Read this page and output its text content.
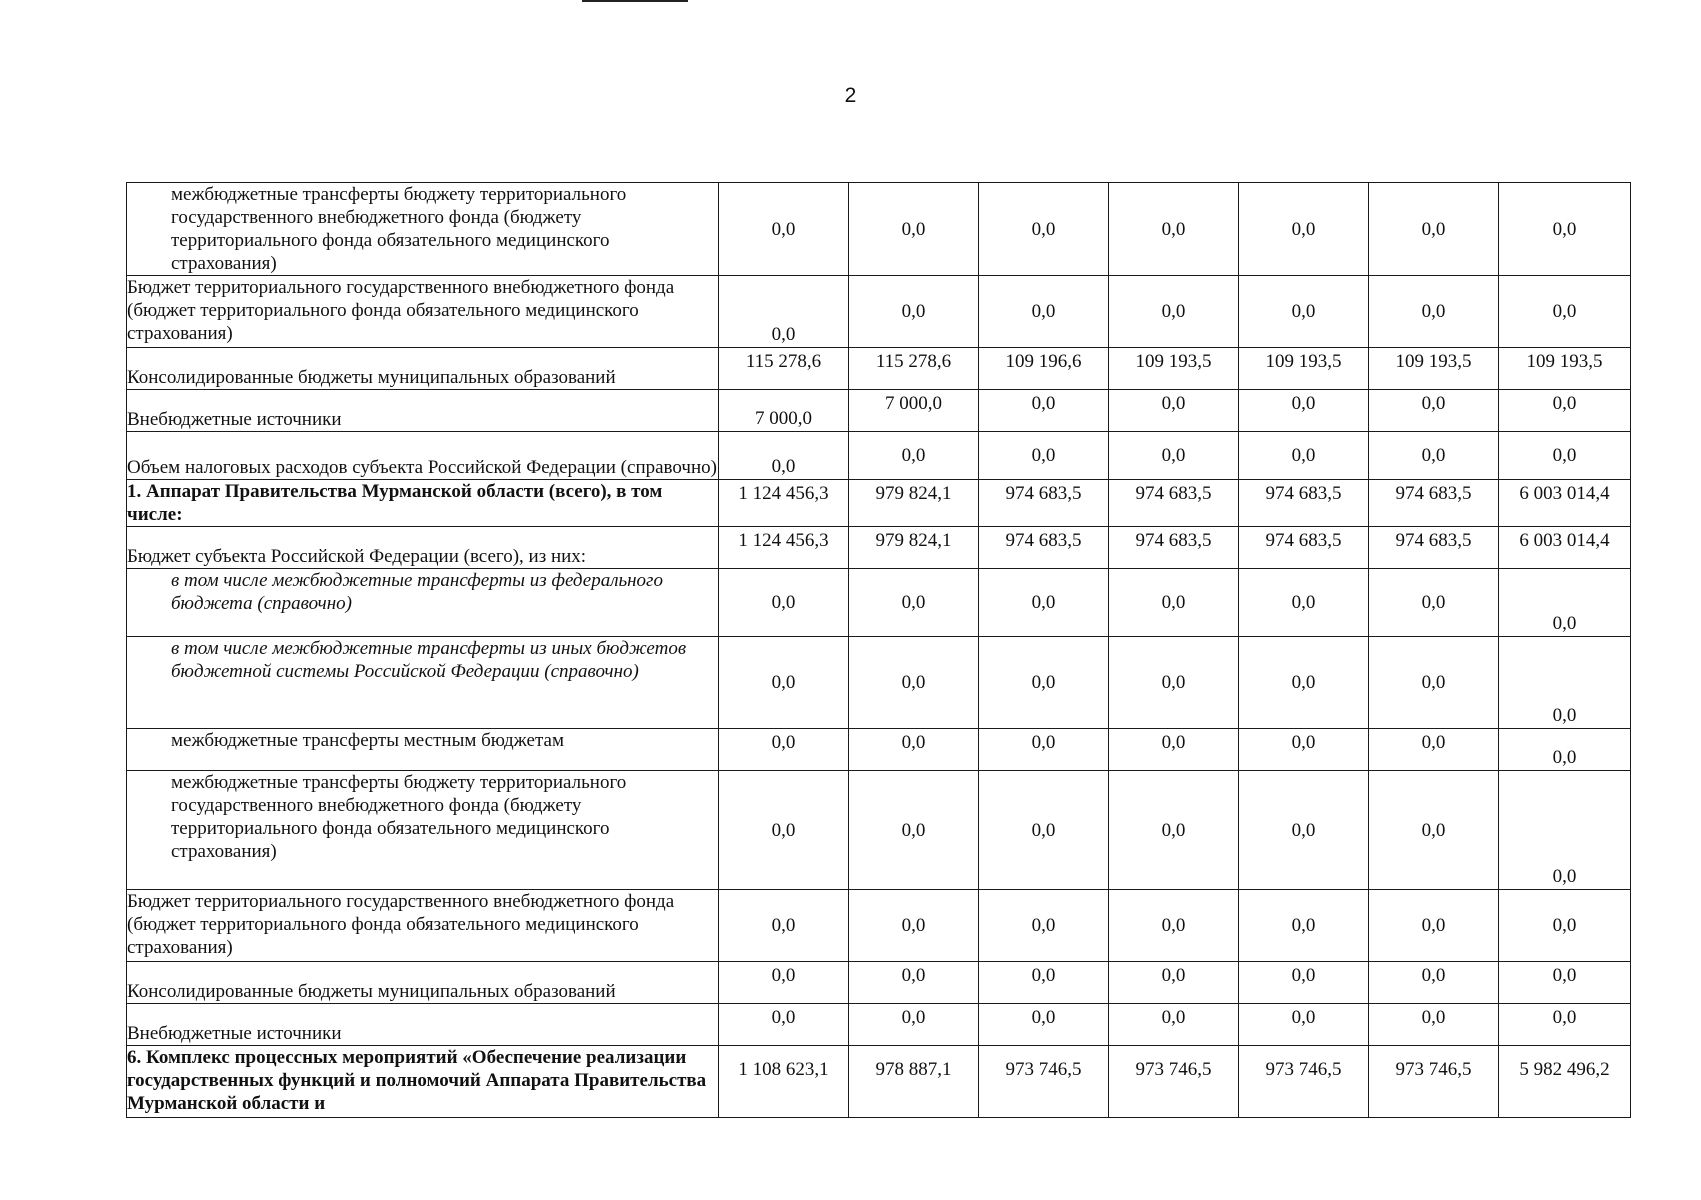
2
межбюджетные трансферты бюджету территориального государственного внебюджетного фонда (бюджету территориального фонда обязательного медицинского страхования)	0,0	0,0	0,0	0,0	0,0	0,0	0,0
Бюджет территориального государственного внебюджетного фонда (бюджет территориального фонда обязательного медицинского страхования)	0,0	0,0	0,0	0,0	0,0	0,0	0,0
Консолидированные бюджеты муниципальных образований	115 278,6	115 278,6	109 196,6	109 193,5	109 193,5	109 193,5	109 193,5
Внебюджетные источники	7 000,0	7 000,0	0,0	0,0	0,0	0,0	0,0
Объем налоговых расходов субъекта Российской Федерации (справочно)	0,0	0,0	0,0	0,0	0,0	0,0	0,0
1. Аппарат Правительства Мурманской области (всего), в том числе:	1 124 456,3	979 824,1	974 683,5	974 683,5	974 683,5	974 683,5	6 003 014,4
Бюджет субъекта Российской Федерации (всего), из них:	1 124 456,3	979 824,1	974 683,5	974 683,5	974 683,5	974 683,5	6 003 014,4
в том числе межбюджетные трансферты из федерального бюджета (справочно)	0,0	0,0	0,0	0,0	0,0	0,0	0,0
в том числе межбюджетные трансферты из иных бюджетов бюджетной системы Российской Федерации (справочно)	0,0	0,0	0,0	0,0	0,0	0,0	0,0
межбюджетные трансферты местным бюджетам	0,0	0,0	0,0	0,0	0,0	0,0	0,0
межбюджетные трансферты бюджету территориального государственного внебюджетного фонда (бюджету территориального фонда обязательного медицинского страхования)	0,0	0,0	0,0	0,0	0,0	0,0	0,0
Бюджет территориального государственного внебюджетного фонда (бюджет территориального фонда обязательного медицинского страхования)	0,0	0,0	0,0	0,0	0,0	0,0	0,0
Консолидированные бюджеты муниципальных образований	0,0	0,0	0,0	0,0	0,0	0,0	0,0
Внебюджетные источники	0,0	0,0	0,0	0,0	0,0	0,0	0,0
6. Комплекс процессных мероприятий «Обеспечение реализации государственных функций и полномочий Аппарата Правительства Мурманской области и	1 108 623,1	978 887,1	973 746,5	973 746,5	973 746,5	973 746,5	5 982 496,2
